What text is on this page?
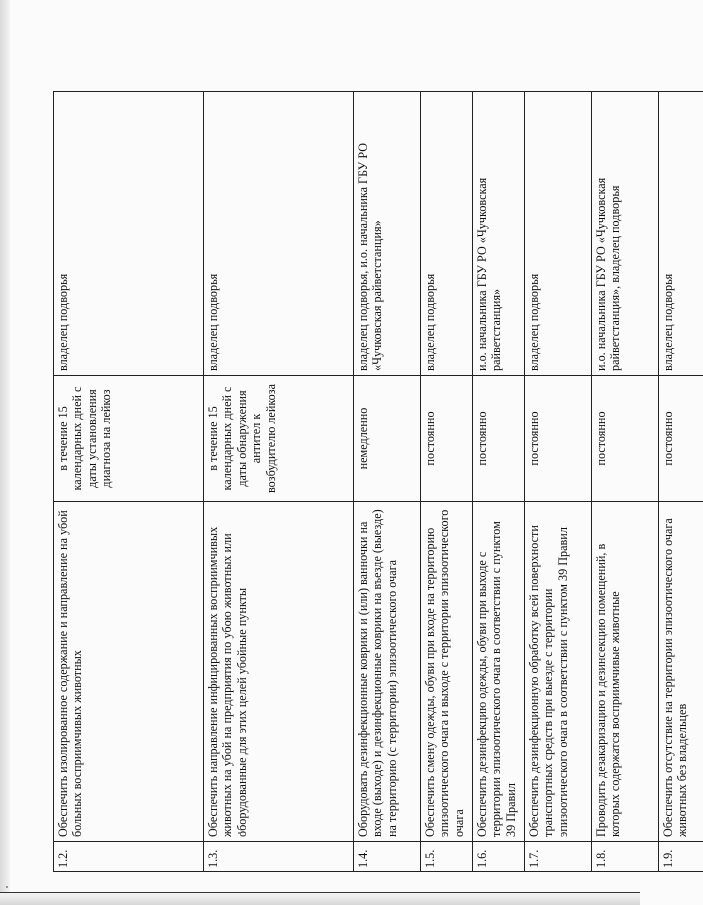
1.2.	Обеспечить изолированное содержание и направление на убой больных восприимчивых животных	в течение 15 календарных дней с даты установления диагноза на лейкоз	владелец подворья
1.3.	Обеспечить направление инфицированных восприимчивых животных на убой на предприятия по убою животных или оборудованные для этих целей убойные пункты	в течение 15 календарных дней с даты обнаружения антител к возбудителю лейкоза	владелец подворья
1.4.	Оборудовать дезинфекционные коврики и (или) ванночки на входе (выходе) и дезинфекционные коврики на въезде (выезде) на территорию (с территории) эпизоотического очага	немедленно	владелец подворья, и.о. начальника ГБУ РО «Чучковская райветстанция»
1.5.	Обеспечить смену одежды, обуви при входе на территорию эпизоотического очага и выходе с территории эпизоотического очага	постоянно	владелец подворья
1.6.	Обеспечить дезинфекцию одежды, обуви при выходе с территории эпизоотического очага в соответствии с пунктом 39 Правил	постоянно	и.о. начальника ГБУ РО «Чучковская райветстанция»
1.7.	Обеспечить дезинфекционную обработку всей поверхности транспортных средств при выезде с территории эпизоотического очага в соответствии с пунктом 39 Правил	постоянно	владелец подворья
1.8.	Проводить дезакаризацию и дезинсекцию помещений, в которых содержатся восприимчивые животные	постоянно	и.о. начальника ГБУ РО «Чучковская райветстанция», владелец подворья
1.9.	Обеспечить отсутствие на территории эпизоотического очага животных без владельцев	постоянно	владелец подворья
